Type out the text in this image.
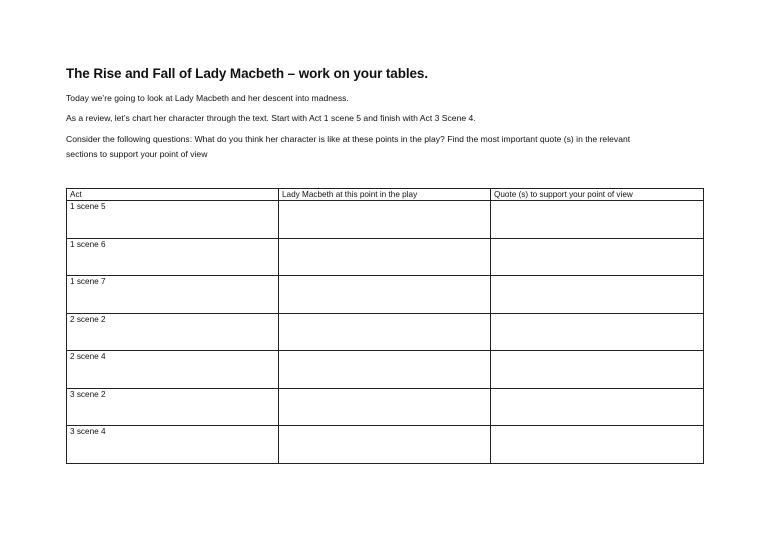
The Rise and Fall of Lady Macbeth – work on your tables.
Today we’re going to look at Lady Macbeth and her descent into madness.
As a review, let’s chart her character through the text. Start with Act 1 scene 5 and finish with Act 3 Scene 4.
Consider the following questions: What do you think her character is like at these points in the play? Find the most important quote (s) in the relevant
sections to support your point of view
Act	Lady Macbeth at this point in the play	Quote (s) to support your point of view
1 scene 5		
1 scene 6		
1 scene 7		
2 scene 2		
2 scene 4		
3 scene 2		
3 scene 4		
